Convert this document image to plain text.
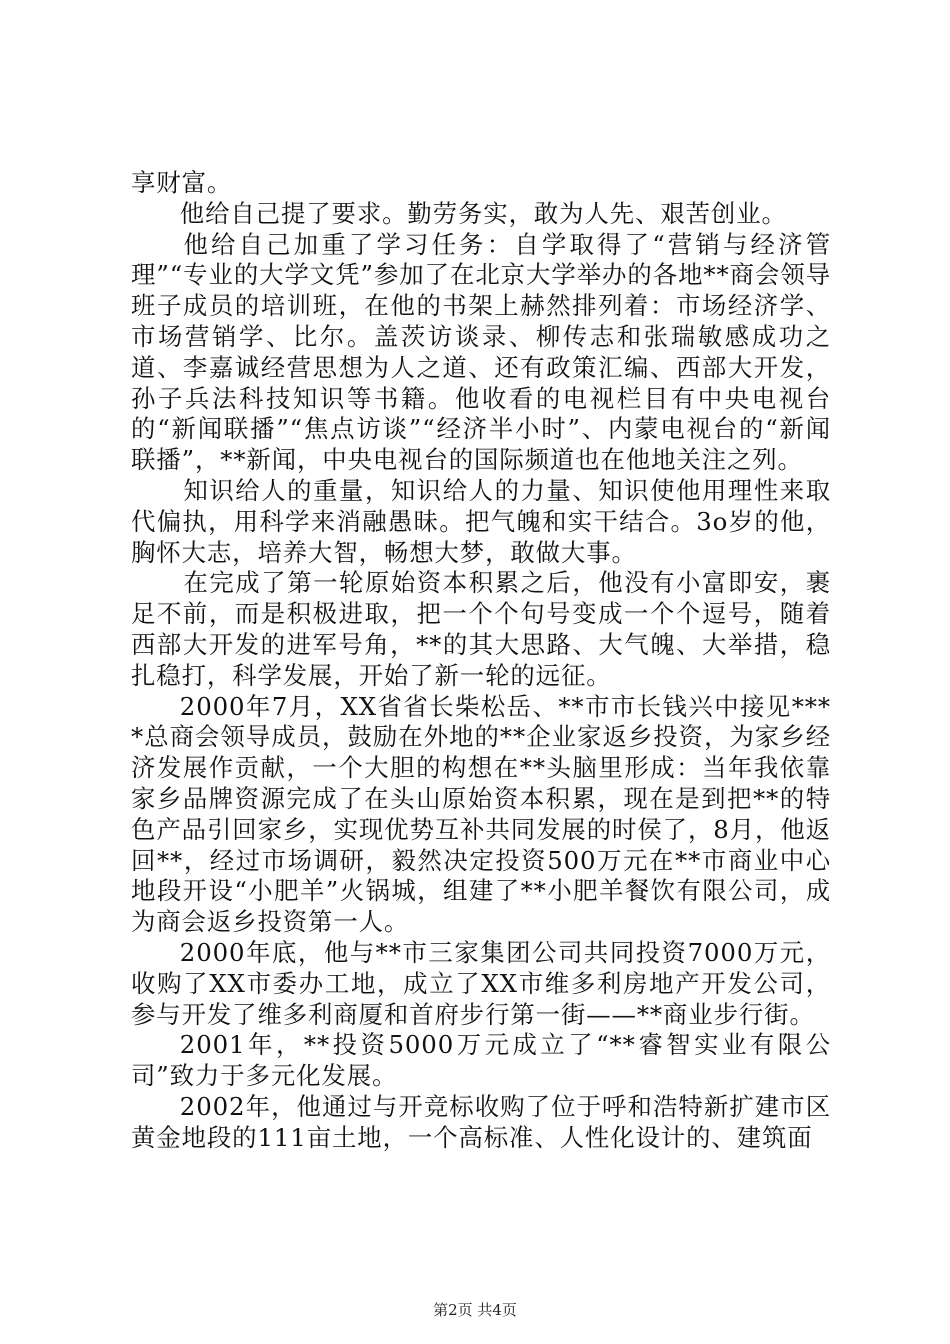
享财富。

他给自己提了要求。勤劳务实，敢为人先、艰苦创业。

他给自己加重了学习任务：自学取得了“营销与经济管理”“专业的大学文凭”参加了在北京大学举办的各地**商会领导班子成员的培训班，在他的书架上赫然排列着：市场经济学、市场营销学、比尔。盖茨访谈录、柳传志和张瑞敏感成功之道、李嘉诚经营思想为人之道、还有政策汇编、西部大开发，孙子兵法科技知识等书籍。他收看的电视栏目有中央电视台的“新闻联播”“焦点访谈”“经济半小时”、内蒙电视台的“新闻联播”，**新闻，中央电视台的国际频道也在他地关注之列。

知识给人的重量，知识给人的力量、知识使他用理性来取代偏执，用科学来消融愚昧。把气魄和实干结合。3o岁的他，胸怀大志，培养大智，畅想大梦，敢做大事。

在完成了第一轮原始资本积累之后，他没有小富即安，裹足不前，而是积极进取，把一个个句号变成一个个逗号，随着西部大开发的进军号角，**的其大思路、大气魄、大举措，稳扎稳打，科学发展，开始了新一轮的远征。

2000年7月，XX省省长柴松岳、**市市长钱兴中接见****总商会领导成员，鼓励在外地的**企业家返乡投资，为家乡经济发展作贡献，一个大胆的构想在**头脑里形成：当年我依靠家乡品牌资源完成了在头山原始资本积累，现在是到把**的特色产品引回家乡，实现优势互补共同发展的时侯了，8月，他返回**，经过市场调研，毅然决定投资500万元在**市商业中心地段开设“小肥羊”火锅城，组建了**小肥羊餐饮有限公司，成为商会返乡投资第一人。

2000年底，他与**市三家集团公司共同投资7000万元，收购了XX市委办工地，成立了XX市维多利房地产开发公司，参与开发了维多利商厦和首府步行第一街——**商业步行街。

2001年，**投资5000万元成立了“**睿智实业有限公司”致力于多元化发展。

2002年，他通过与开竞标收购了位于呼和浩特新扩建市区黄金地段的111亩土地，一个高标准、人性化设计的、建筑面

第2页 共4页
